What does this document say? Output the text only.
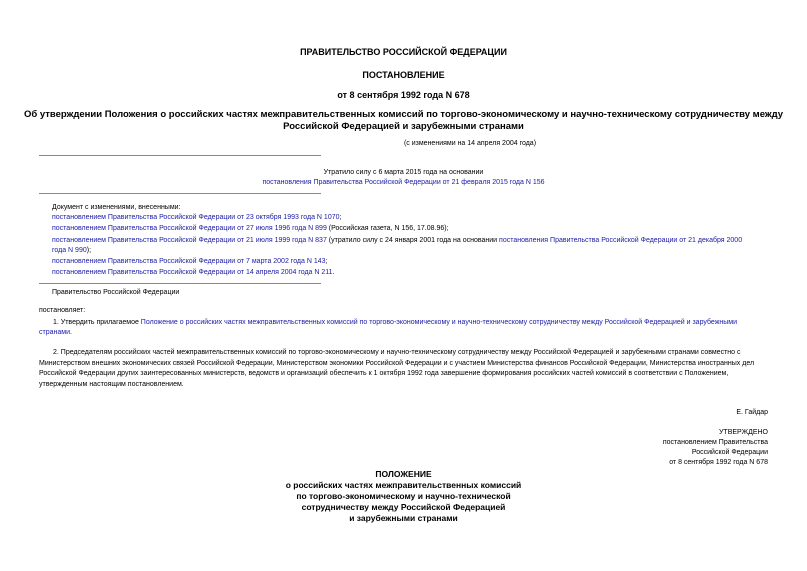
ПРАВИТЕЛЬСТВО РОССИЙСКОЙ ФЕДЕРАЦИИ
ПОСТАНОВЛЕНИЕ
от 8 сентября 1992 года N 678
Об утверждении Положения о российских частях межправительственных комиссий по торгово-экономическому и научно-техническому сотрудничеству между
Российской Федерацией и зарубежными странами
(с изменениями на 14 апреля 2004 года)
Утратило силу с 6 марта 2015 года на основании
постановления Правительства Российской Федерации от 21 февраля 2015 года N 156
Документ с изменениями, внесенными:
постановлением Правительства Российской Федерации от 23 октября 1993 года N 1070;
постановлением Правительства Российской Федерации от 27 июля 1996 года N 899 (Российская газета, N 156, 17.08.96);
постановлением Правительства Российской Федерации от 21 июля 1999 года N 837 (утратило силу с 24 января 2001 года на основании постановления Правительства Российской Федерации от 21 декабря 2000
года N 990);
постановлением Правительства Российской Федерации от 7 марта 2002 года N 143;
постановлением Правительства Российской Федерации от 14 апреля 2004 года N 211.
Правительство Российской Федерации
постановляет:
1. Утвердить прилагаемое Положение о российских частях межправительственных комиссий по торгово-экономическому и научно-техническому сотрудничеству между Российской Федерацией и зарубежными
странами.
2. Председателям российских частей межправительственных комиссий по торгово-экономическому и научно-техническому сотрудничеству между Российской Федерацией и зарубежными странами совместно с
Министерством внешних экономических связей Российской Федерации, Министерством экономики Российской Федерации и с участием Министерства финансов Российской Федерации, Министерства иностранных дел
Российской Федерации других заинтересованных министерств, ведомств и организаций обеспечить к 1 октября 1992 года завершение формирования российских частей комиссий в соответствии с Положением,
утвержденным настоящим постановлением.
Е. Гайдар
УТВЕРЖДЕНО
постановлением Правительства
Российской Федерации
от 8 сентября 1992 года N 678
ПОЛОЖЕНИЕ
о российских частях межправительственных комиссий
по торгово-экономическому и научно-технической
сотрудничеству между Российской Федерацией
и зарубежными странами
